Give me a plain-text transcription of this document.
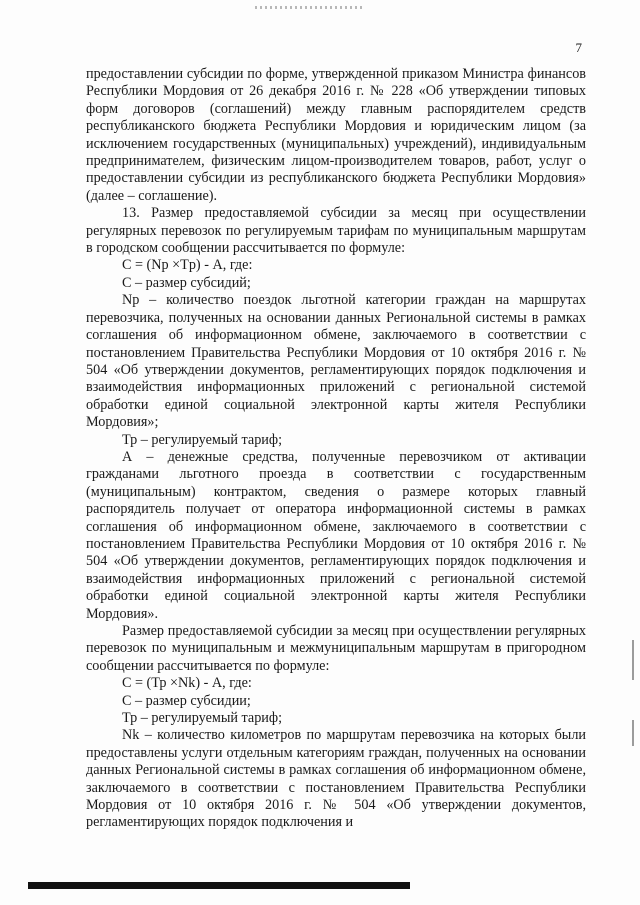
7

предоставлении субсидии по форме, утвержденной приказом Министра финансов Республики Мордовия от 26 декабря 2016 г. № 228 «Об утверждении типовых форм договоров (соглашений) между главным распорядителем средств республиканского бюджета Республики Мордовия и юридическим лицом (за исключением государственных (муниципальных) учреждений), индивидуальным предпринимателем, физическим лицом-производителем товаров, работ, услуг о предоставлении субсидии из республиканского бюджета Республики Мордовия» (далее – соглашение).

13. Размер предоставляемой субсидии за месяц при осуществлении регулярных перевозок по регулируемым тарифам по муниципальным маршрутам в городском сообщении рассчитывается по формуле:

С = (Np ×Tp) - A, где:

С – размер субсидий;

Np – количество поездок льготной категории граждан на маршрутах перевозчика, полученных на основании данных Региональной системы в рамках соглашения об информационном обмене, заключаемого в соответствии с постановлением Правительства Республики Мордовия от 10 октября 2016 г. № 504 «Об утверждении документов, регламентирующих порядок подключения и взаимодействия информационных приложений с региональной системой обработки единой социальной электронной карты жителя Республики Мордовия»;

Тр – регулируемый тариф;

А – денежные средства, полученные перевозчиком от активации гражданами льготного проезда в соответствии с государственным (муниципальным) контрактом, сведения о размере которых главный распорядитель получает от оператора информационной системы в рамках соглашения об информационном обмене, заключаемого в соответствии с постановлением Правительства Республики Мордовия от 10 октября 2016 г. № 504 «Об утверждении документов, регламентирующих порядок подключения и взаимодействия информационных приложений с региональной системой обработки единой социальной электронной карты жителя Республики Мордовия».

Размер предоставляемой субсидии за месяц при осуществлении регулярных перевозок по муниципальным и межмуниципальным маршрутам в пригородном сообщении рассчитывается по формуле:

С = (Тр ×Nk) - А, где:

С – размер субсидии;

Тр – регулируемый тариф;

Nk – количество километров по маршрутам перевозчика на которых были предоставлены услуги отдельным категориям граждан, полученных на основании данных Региональной системы в рамках соглашения об информационном обмене, заключаемого в соответствии с постановлением Правительства Республики Мордовия от 10 октября 2016 г. № 504 «Об утверждении документов, регламентирующих порядок подключения и
